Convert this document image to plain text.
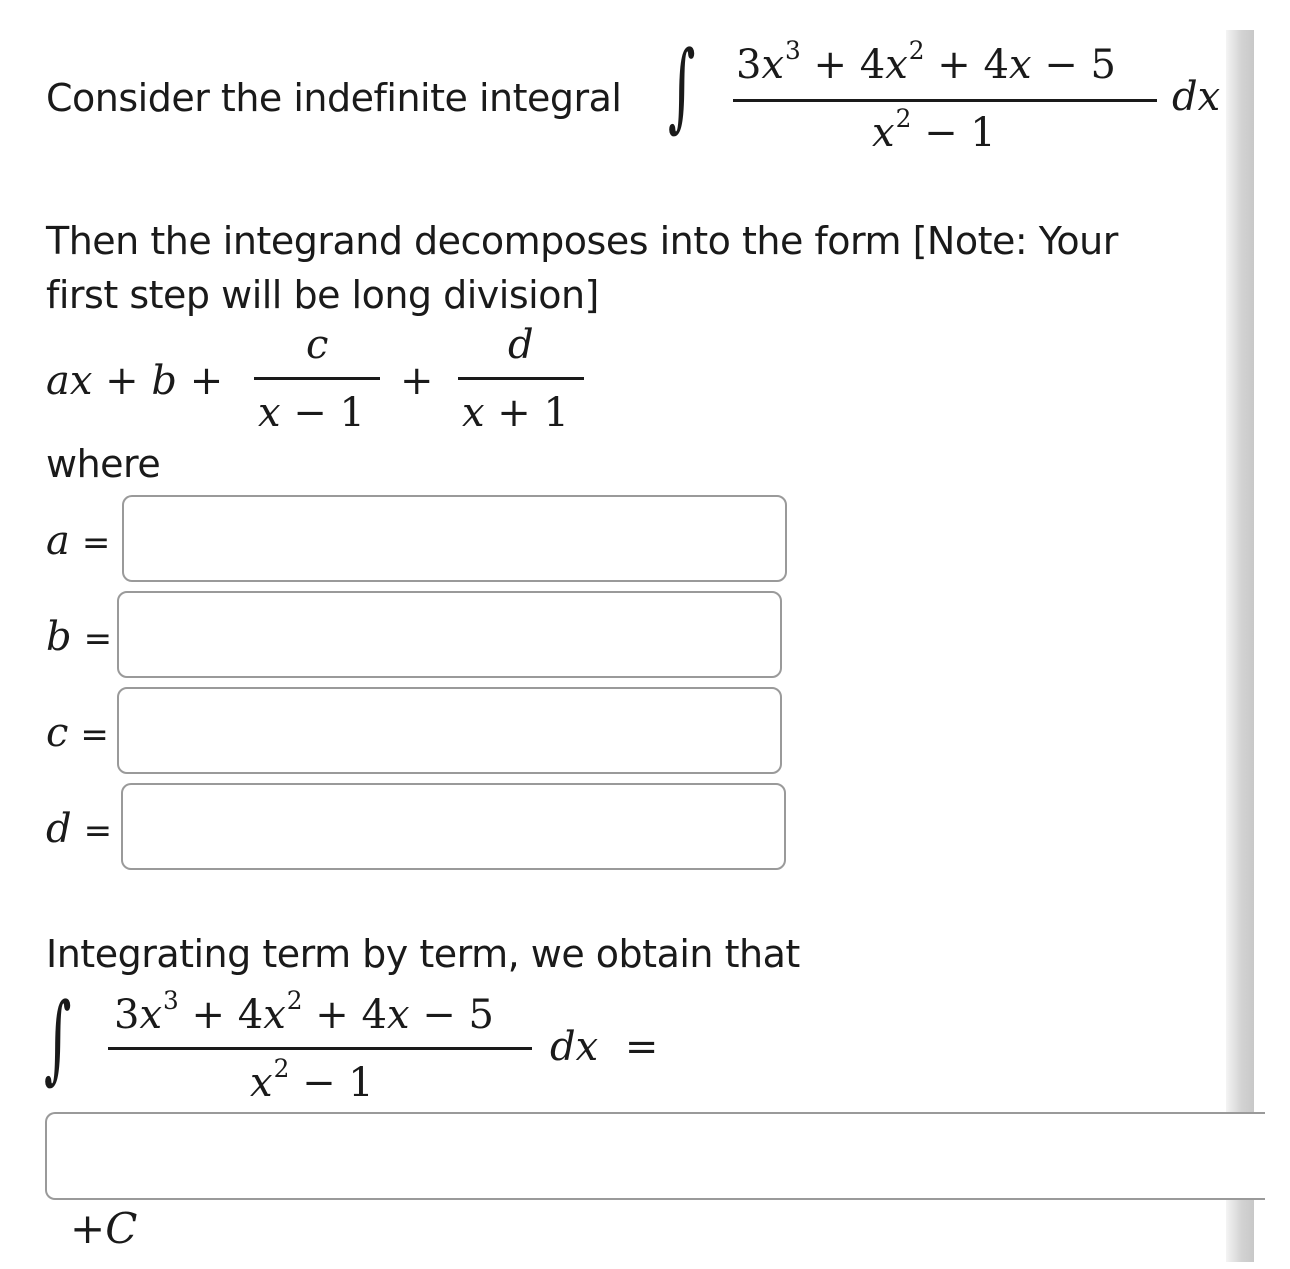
Consider the indefinite integral ∫ $3x^3 + 4x^2 + 4x - 5$
$x^2 - 1$
dx
Then the integrand decomposes into the form [Note: Your
first step will be long division]
ax + b +
c
x − 1
+
d
x + 1
where
a =
b =
c =
d =
Integrating term by term, we obtain that
∫ $3x^3 + 4x^2 + 4x - 5$
$x^2 - 1$
dx =
+C
